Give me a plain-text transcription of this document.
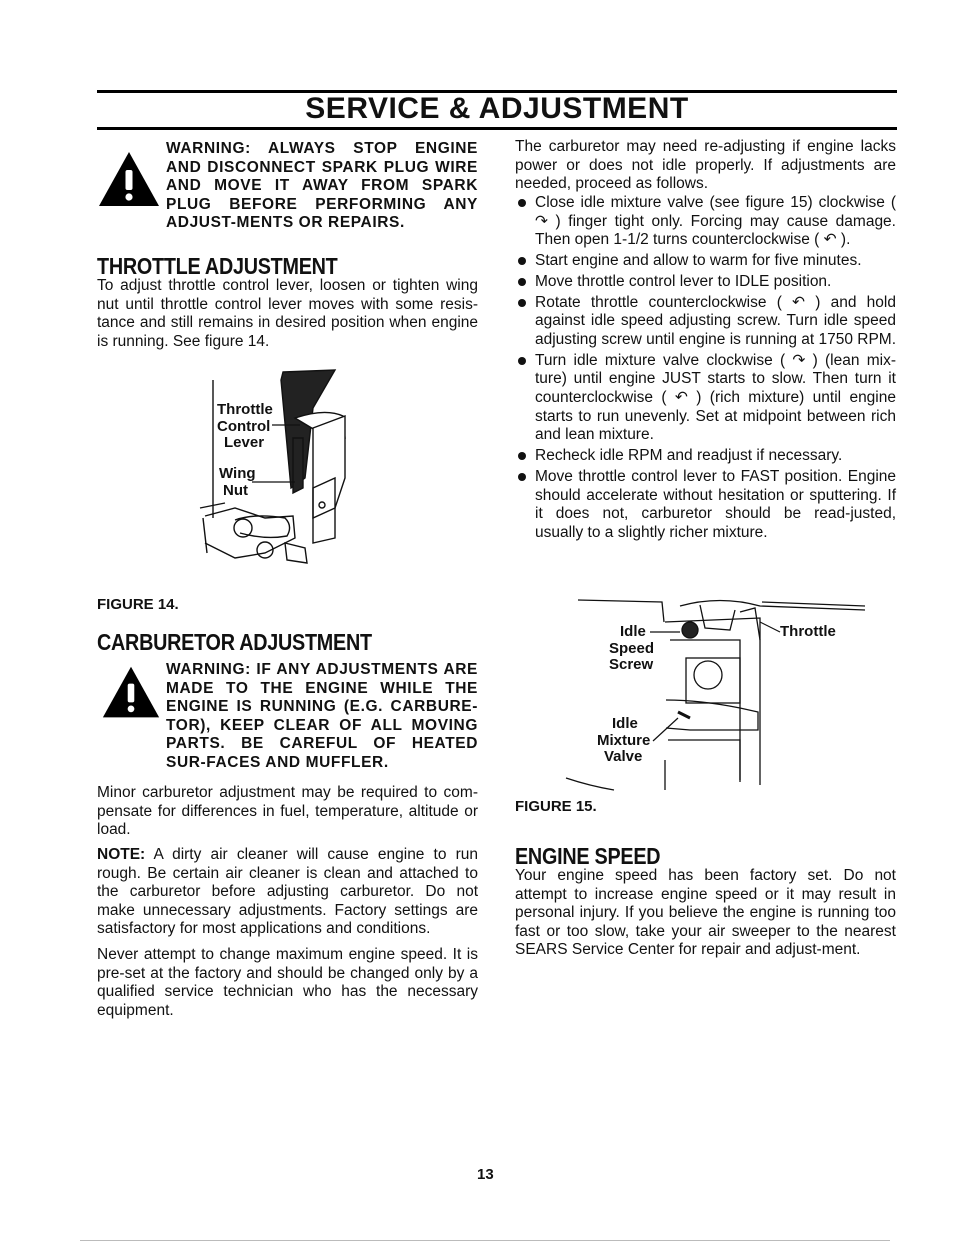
SERVICE & ADJUSTMENT
WARNING: ALWAYS STOP ENGINE AND DISCONNECT SPARK PLUG WIRE AND MOVE IT AWAY FROM SPARK PLUG BEFORE PERFORMING ANY ADJUST-MENTS OR REPAIRS.
THROTTLE ADJUSTMENT
To adjust throttle control lever, loosen or tighten wing nut until throttle control lever moves with some resis-tance and still remains in desired position when engine is running. See figure 14.
Throttle
Control
Lever
Wing
Nut
FIGURE 14.
CARBURETOR ADJUSTMENT
WARNING: IF ANY ADJUSTMENTS ARE MADE TO THE ENGINE WHILE THE ENGINE IS RUNNING (E.G. CARBURE-TOR), KEEP CLEAR OF ALL MOVING PARTS. BE CAREFUL OF HEATED SUR-FACES AND MUFFLER.
Minor carburetor adjustment may be required to com-pensate for differences in fuel, temperature, altitude or load.
NOTE: A dirty air cleaner will cause engine to run rough. Be certain air cleaner is clean and attached to the carburetor before adjusting carburetor. Do not make unnecessary adjustments. Factory settings are satisfactory for most applications and conditions.
Never attempt to change maximum engine speed. It is pre-set at the factory and should be changed only by a qualified service technician who has the necessary equipment.
The carburetor may need re-adjusting if engine lacks power or does not idle properly. If adjustments are needed, proceed as follows.
Close idle mixture valve (see figure 15) clockwise ( ↷ ) finger tight only. Forcing may cause damage. Then open 1-1/2 turns counterclockwise ( ↶ ).
Start engine and allow to warm for five minutes.
Move throttle control lever to IDLE position.
Rotate throttle counterclockwise ( ↶ ) and hold against idle speed adjusting screw. Turn idle speed adjusting screw until engine is running at 1750 RPM.
Turn idle mixture valve clockwise ( ↷ ) (lean mix-ture) until engine JUST starts to slow. Then turn it counterclockwise ( ↶ ) (rich mixture) until engine starts to run unevenly. Set at midpoint between rich and lean mixture.
Recheck idle RPM and readjust if necessary.
Move throttle control lever to FAST position. Engine should accelerate without hesitation or sputtering. If it does not, carburetor should be read-justed, usually to a slightly richer mixture.
Idle
Speed
Screw
Throttle
Idle
Mixture
Valve
FIGURE 15.
ENGINE SPEED
Your engine speed has been factory set. Do not attempt to increase engine speed or it may result in personal injury. If you believe the engine is running too fast or too slow, take your air sweeper to the nearest SEARS Service Center for repair and adjust-ment.
13
